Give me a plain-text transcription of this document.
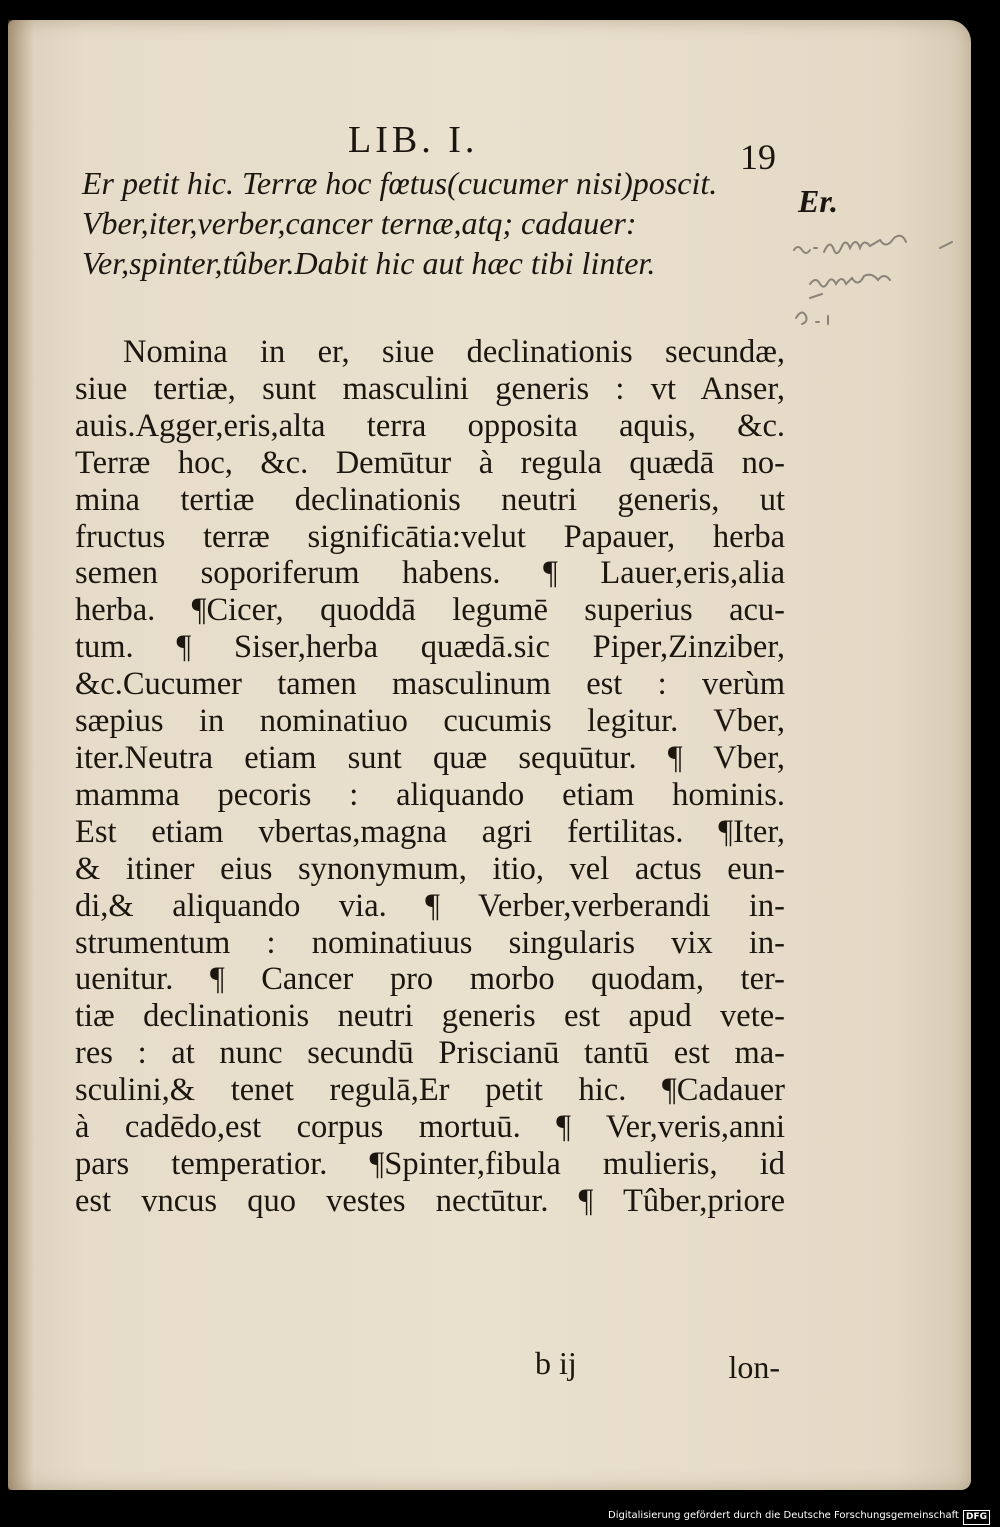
LIB. I.	19
Er petit hic. Terræ hoc fœtus(cucumer nisi)poscit.
Vber,iter,verber,cancer ternæ,atq; cadauer:
Ver,spinter,tûber.Dabit hic aut hæc tibi linter.
Er.
Nomina in er, siue declinationis secundæ,
siue tertiæ, sunt masculini generis : vt Anser,
auis.Agger,eris,alta terra opposita aquis, &c.
Terræ hoc, &c. Demūtur à regula quædā no-
mina tertiæ declinationis neutri generis, ut
fructus terræ significātia:velut Papauer, herba
semen soporiferum habens. ¶ Lauer,eris,alia
herba. ¶Cicer, quoddā legumē superius acu-
tum. ¶ Siser,herba quædā.sic Piper,Zinziber,
&c.Cucumer tamen masculinum est : verùm
sæpius in nominatiuo cucumis legitur. Vber,
iter.Neutra etiam sunt quæ sequūtur. ¶ Vber,
mamma pecoris : aliquando etiam hominis.
Est etiam vbertas,magna agri fertilitas. ¶Iter,
& itiner eius synonymum, itio, vel actus eun-
di,& aliquando via. ¶ Verber,verberandi in-
strumentum : nominatiuus singularis vix in-
uenitur. ¶ Cancer pro morbo quodam, ter-
tiæ declinationis neutri generis est apud vete-
res : at nunc secundū Priscianū tantū est ma-
sculini,& tenet regulā,Er petit hic. ¶Cadauer
à cadēdo,est corpus mortuū. ¶ Ver,veris,anni
pars temperatior. ¶Spinter,fibula mulieris, id
est vncus quo vestes nectūtur. ¶ Tûber,priore
b ij	lon-
Digitalisierung gefördert durch die Deutsche Forschungsgemeinschaft · DFG
